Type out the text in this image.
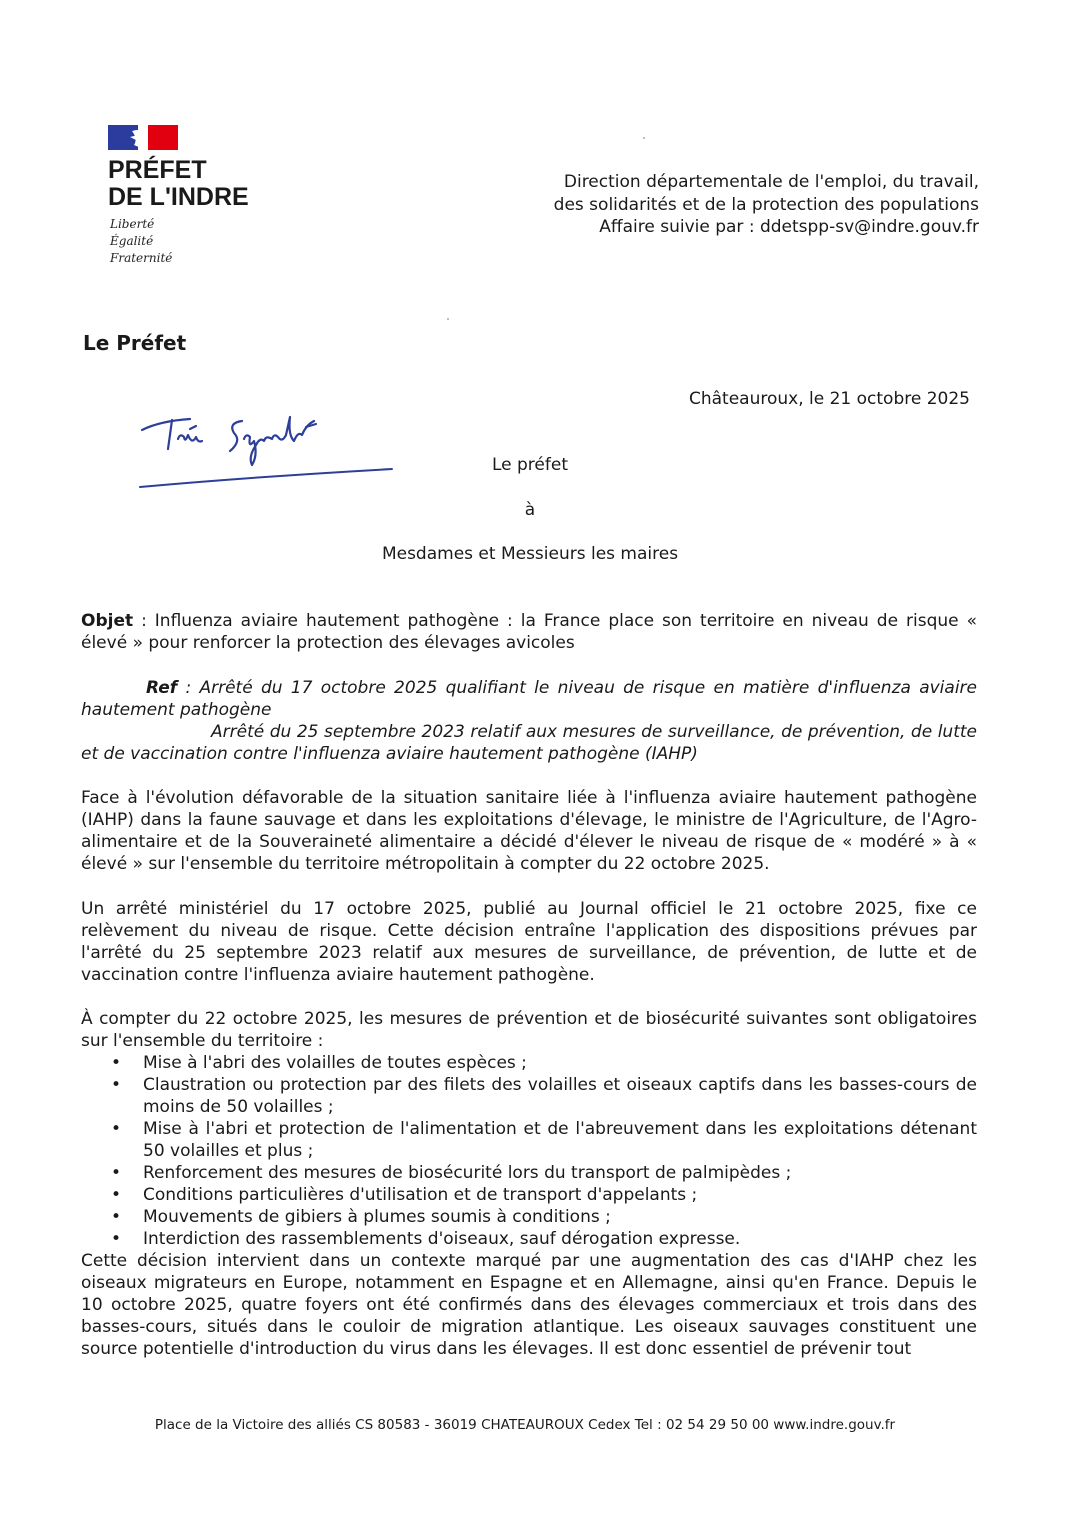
PRÉFET
DE L'INDRE
Liberté
Égalité
Fraternité
Direction départementale de l'emploi, du travail,
des solidarités et de la protection des populations
Affaire suivie par : ddetspp-sv@indre.gouv.fr
Le Préfet
Châteauroux, le 21 octobre 2025
Le préfet
à
Mesdames et Messieurs les maires

Objet : Influenza aviaire hautement pathogène : la France place son territoire en niveau de risque « élevé » pour renforcer la protection des élevages avicoles

Ref : Arrêté du 17 octobre 2025 qualifiant le niveau de risque en matière d'influenza aviaire hautement pathogène

Arrêté du 25 septembre 2023 relatif aux mesures de surveillance, de prévention, de lutte et de vaccination contre l'influenza aviaire hautement pathogène (IAHP)

Face à l'évolution défavorable de la situation sanitaire liée à l'influenza aviaire hautement pathogène (IAHP) dans la faune sauvage et dans les exploitations d'élevage, le ministre de l'Agriculture, de l'Agro-alimentaire et de la Souveraineté alimentaire a décidé d'élever le niveau de risque de « modéré » à « élevé » sur l'ensemble du territoire métropolitain à compter du 22 octobre 2025.
Un arrêté ministériel du 17 octobre 2025, publié au Journal officiel le 21 octobre 2025, fixe ce relèvement du niveau de risque. Cette décision entraîne l'application des dispositions prévues par l'arrêté du 25 septembre 2023 relatif aux mesures de surveillance, de prévention, de lutte et de vaccination contre l'influenza aviaire hautement pathogène.

À compter du 22 octobre 2025, les mesures de prévention et de biosécurité suivantes sont obligatoires sur l'ensemble du territoire :

• Mise à l'abri des volailles de toutes espèces ;
• Claustration ou protection par des filets des volailles et oiseaux captifs dans les basses-cours de moins de 50 volailles ;
• Mise à l'abri et protection de l'alimentation et de l'abreuvement dans les exploitations détenant 50 volailles et plus ;
• Renforcement des mesures de biosécurité lors du transport de palmipèdes ;
• Conditions particulières d'utilisation et de transport d'appelants ;
• Mouvements de gibiers à plumes soumis à conditions ;
• Interdiction des rassemblements d'oiseaux, sauf dérogation expresse.

Cette décision intervient dans un contexte marqué par une augmentation des cas d'IAHP chez les oiseaux migrateurs en Europe, notamment en Espagne et en Allemagne, ainsi qu'en France. Depuis le 10 octobre 2025, quatre foyers ont été confirmés dans des élevages commerciaux et trois dans des basses-cours, situés dans le couloir de migration atlantique. Les oiseaux sauvages constituent une source potentielle d'introduction du virus dans les élevages. Il est donc essentiel de prévenir tout

Place de la Victoire des alliés CS 80583 - 36019 CHATEAUROUX Cedex Tel : 02 54 29 50 00 www.indre.gouv.fr
